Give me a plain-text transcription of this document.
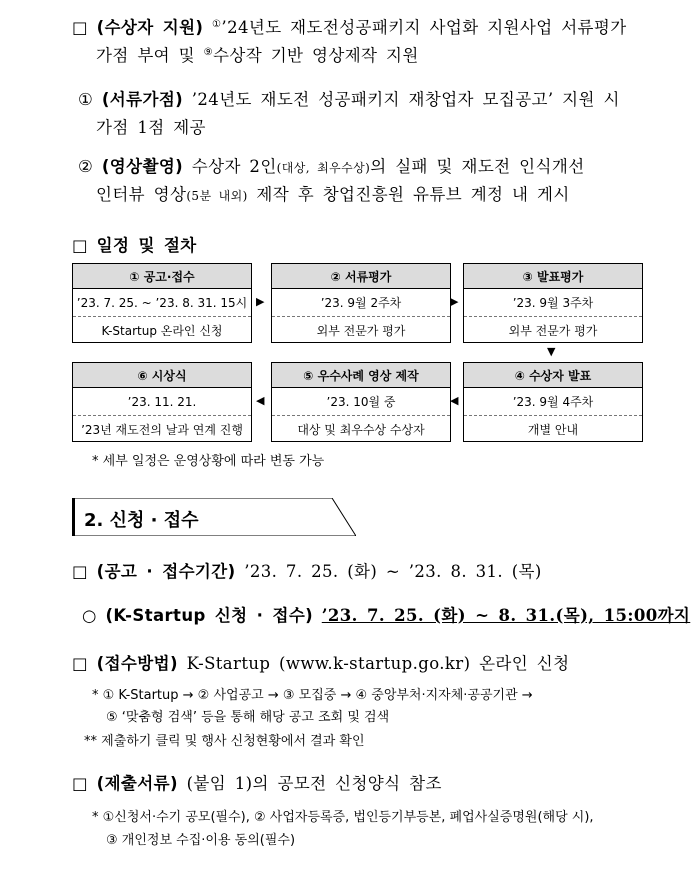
□ (수상자 지원) ①’24년도 재도전성공패키지 사업화 지원사업 서류평가
가점 부여 및 ⑨수상작 기반 영상제작 지원
① (서류가점) ’24년도 재도전 성공패키지 재창업자 모집공고’ 지원 시
가점 1점 제공
② (영상촬영) 수상자 2인(대상, 최우수상)의 실패 및 재도전 인식개선
인터뷰 영상(5분 내외) 제작 후 창업진흥원 유튜브 계정 내 게시
□ 일정 및 절차
① 공고·접수
’23. 7. 25. ~ ’23. 8. 31. 15시
K-Startup 온라인 신청
▶
② 서류평가
’23. 9월 2주차
외부 전문가 평가
▶
③ 발표평가
’23. 9월 3주차
외부 전문가 평가
▼
⑥ 시상식
’23. 11. 21.
’23년 재도전의 날과 연계 진행
◀
⑤ 우수사례 영상 제작
’23. 10월 중
대상 및 최우수상 수상자
◀
④ 수상자 발표
’23. 9월 4주차
개별 안내
* 세부 일정은 운영상황에 따라 변동 가능
2. 신청 · 접수
□ (공고 · 접수기간) ’23. 7. 25. (화) ~ ’23. 8. 31. (목)
○ (K-Startup 신청 · 접수) ’23. 7. 25. (화) ~ 8. 31.(목), 15:00까지
□ (접수방법) K-Startup (www.k-startup.go.kr) 온라인 신청
* ① K-Startup → ② 사업공고 → ③ 모집중 → ④ 중앙부처·지자체·공공기관 →
⑤ ‘맞춤형 검색’ 등을 통해 해당 공고 조회 및 검색
** 제출하기 클릭 및 행사 신청현황에서 결과 확인
□ (제출서류) (붙임 1)의 공모전 신청양식 참조
* ①신청서·수기 공모(필수), ② 사업자등록증, 법인등기부등본, 폐업사실증명원(해당 시),
③ 개인정보 수집·이용 동의(필수)
